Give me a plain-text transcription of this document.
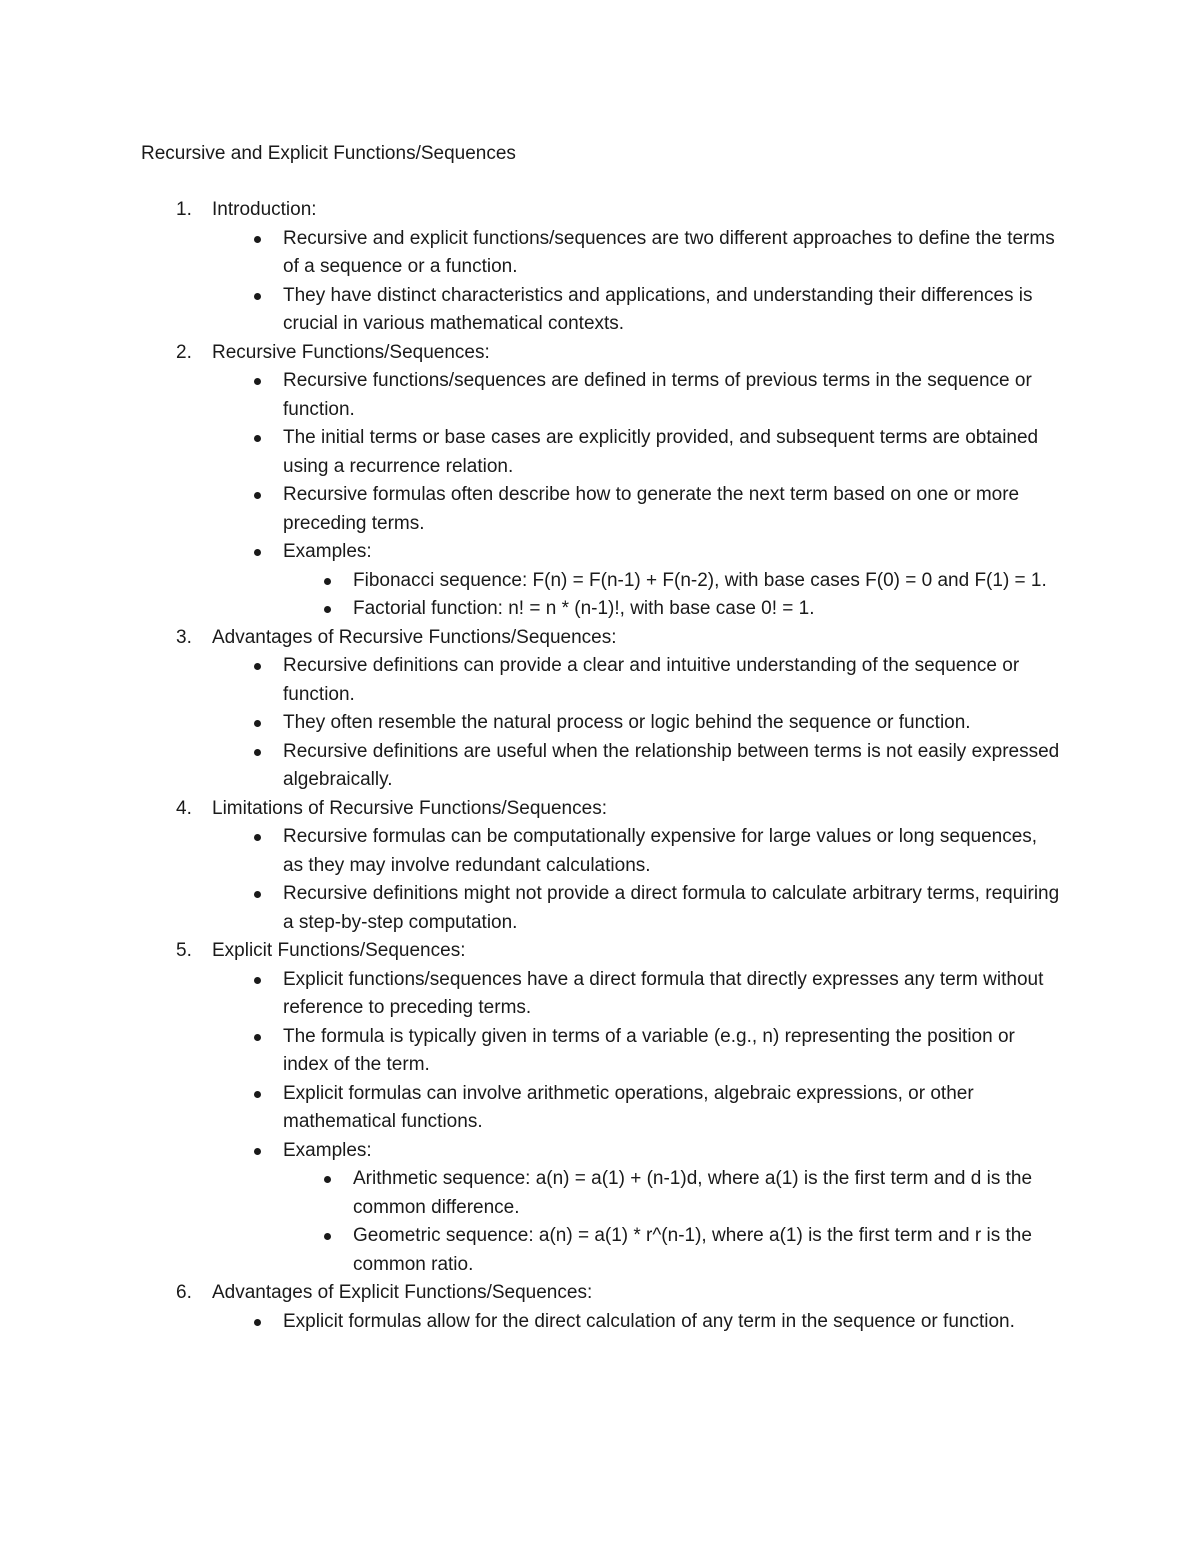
Recursive and Explicit Functions/Sequences
1. Introduction:
Recursive and explicit functions/sequences are two different approaches to define the terms of a sequence or a function.
They have distinct characteristics and applications, and understanding their differences is crucial in various mathematical contexts.
2. Recursive Functions/Sequences:
Recursive functions/sequences are defined in terms of previous terms in the sequence or function.
The initial terms or base cases are explicitly provided, and subsequent terms are obtained using a recurrence relation.
Recursive formulas often describe how to generate the next term based on one or more preceding terms.
Examples:
Fibonacci sequence: F(n) = F(n-1) + F(n-2), with base cases F(0) = 0 and F(1) = 1.
Factorial function: n! = n * (n-1)!, with base case 0! = 1.
3. Advantages of Recursive Functions/Sequences:
Recursive definitions can provide a clear and intuitive understanding of the sequence or function.
They often resemble the natural process or logic behind the sequence or function.
Recursive definitions are useful when the relationship between terms is not easily expressed algebraically.
4. Limitations of Recursive Functions/Sequences:
Recursive formulas can be computationally expensive for large values or long sequences, as they may involve redundant calculations.
Recursive definitions might not provide a direct formula to calculate arbitrary terms, requiring a step-by-step computation.
5. Explicit Functions/Sequences:
Explicit functions/sequences have a direct formula that directly expresses any term without reference to preceding terms.
The formula is typically given in terms of a variable (e.g., n) representing the position or index of the term.
Explicit formulas can involve arithmetic operations, algebraic expressions, or other mathematical functions.
Examples:
Arithmetic sequence: a(n) = a(1) + (n-1)d, where a(1) is the first term and d is the common difference.
Geometric sequence: a(n) = a(1) * r^(n-1), where a(1) is the first term and r is the common ratio.
6. Advantages of Explicit Functions/Sequences:
Explicit formulas allow for the direct calculation of any term in the sequence or function.
